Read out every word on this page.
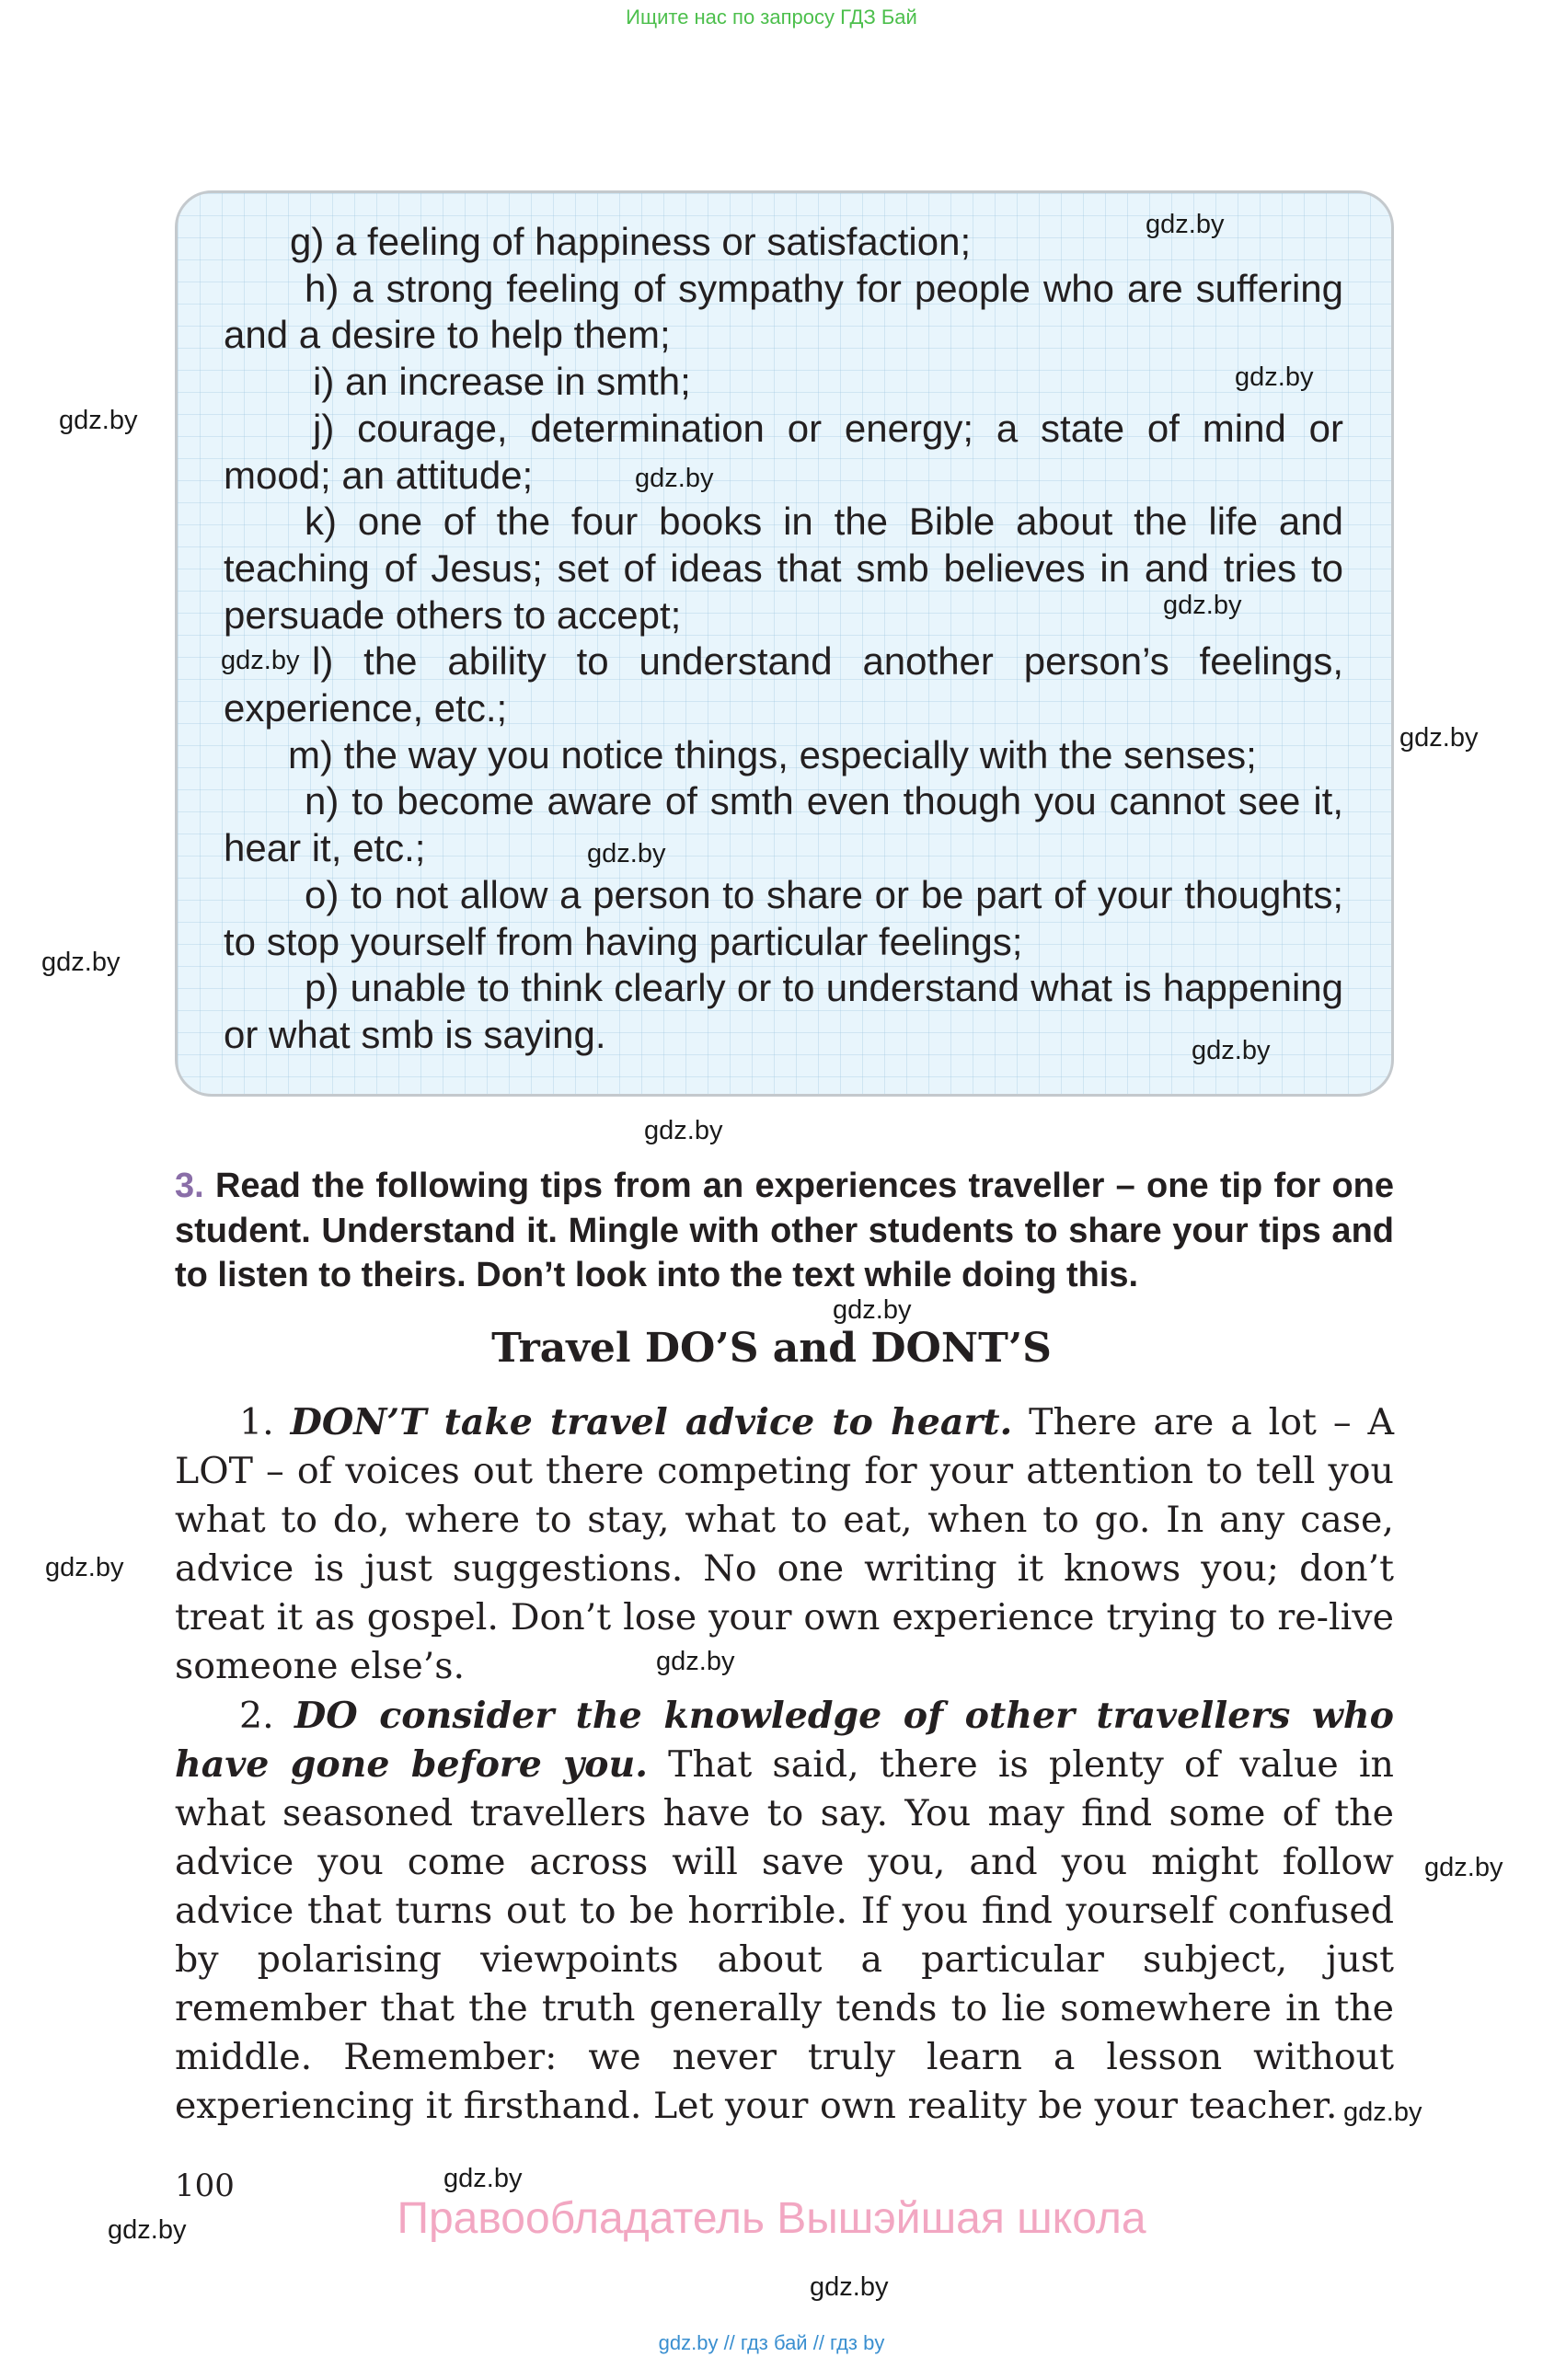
Ищите нас по запросу ГДЗ Бай

g) a feeling of happiness or satisfaction;

h) a strong feeling of sympathy for people who are suffering and a desire to help them;

i) an increase in smth;

j) courage, determination or energy; a state of mind or mood; an attitude;

k) one of the four books in the Bible about the life and teaching of Jesus; set of ideas that smb believes in and tries to persuade others to accept;

l) the ability to understand another person’s feelings, experience, etc.;

m) the way you notice things, especially with the senses;

n) to become aware of smth even though you cannot see it, hear it, etc.;

o) to not allow a person to share or be part of your thoughts; to stop yourself from having particular feelings;

p) unable to think clearly or to understand what is happening or what smb is saying.

3. Read the following tips from an experiences traveller – one tip for one student. Understand it. Mingle with other students to share your tips and to listen to theirs. Don’t look into the text while doing this.
Travel DO’S and DONT’S

1. DON’T take travel advice to heart. There are a lot – A LOT – of voices out there competing for your attention to tell you what to do, where to stay, what to eat, when to go. In any case, advice is just suggestions. No one writing it knows you; don’t treat it as gospel. Don’t lose your own experience trying to re-live someone else’s.

2. DO consider the knowledge of other travellers who have gone before you. That said, there is plenty of value in what seasoned travellers have to say. You may find some of the advice you come across will save you, and you might follow advice that turns out to be horrible. If you find yourself confused by polarising viewpoints about a particular subject, just remember that the truth generally tends to lie somewhere in the middle. Remember: we never truly learn a lesson without experiencing it firsthand. Let your own reality be your teacher.

100
Правообладатель Вышэйшая школа
gdz.by
gdz.by
gdz.by
gdz.by
gdz.by
gdz.by
gdz.by
gdz.by
gdz.by
gdz.by
gdz.by
gdz.by
gdz.by
gdz.by
gdz.by
gdz.by
gdz.by
gdz.by
gdz.by
gdz.by // гдз бай // гдз by
